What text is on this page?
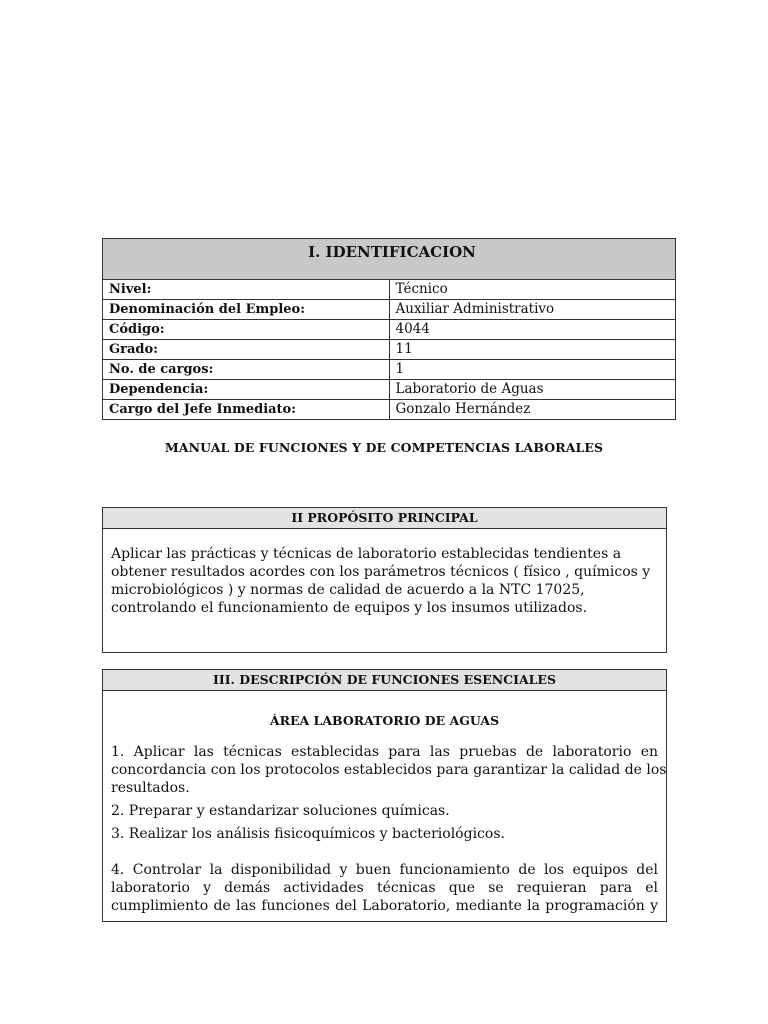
I. IDENTIFICACION	
Nivel:	Técnico
Denominación del Empleo:	Auxiliar Administrativo
Código:	4044
Grado:	11
No. de cargos:	1
Dependencia:	Laboratorio de Aguas
Cargo del Jefe Inmediato:	Gonzalo Hernández
MANUAL DE FUNCIONES Y DE COMPETENCIAS LABORALES
II PROPÓSITO PRINCIPAL
Aplicar las prácticas y técnicas de laboratorio establecidas tendientes a
obtener resultados acordes con los parámetros técnicos ( físico , químicos y
microbiológicos ) y normas de calidad de acuerdo a la NTC 17025,
controlando el funcionamiento de equipos y los insumos utilizados.
III. DESCRIPCIÓN DE FUNCIONES ESENCIALES
ÁREA LABORATORIO DE AGUAS
1. Aplicar las técnicas establecidas para las pruebas de laboratorio en
concordancia con los protocolos establecidos para garantizar la calidad de los
resultados.
2. Preparar y estandarizar soluciones químicas.
3. Realizar los análisis fisicoquímicos y bacteriológicos.
4. Controlar la disponibilidad y buen funcionamiento de los equipos del
laboratorio y demás actividades técnicas que se requieran para el
cumplimiento de las funciones del Laboratorio, mediante la programación y
